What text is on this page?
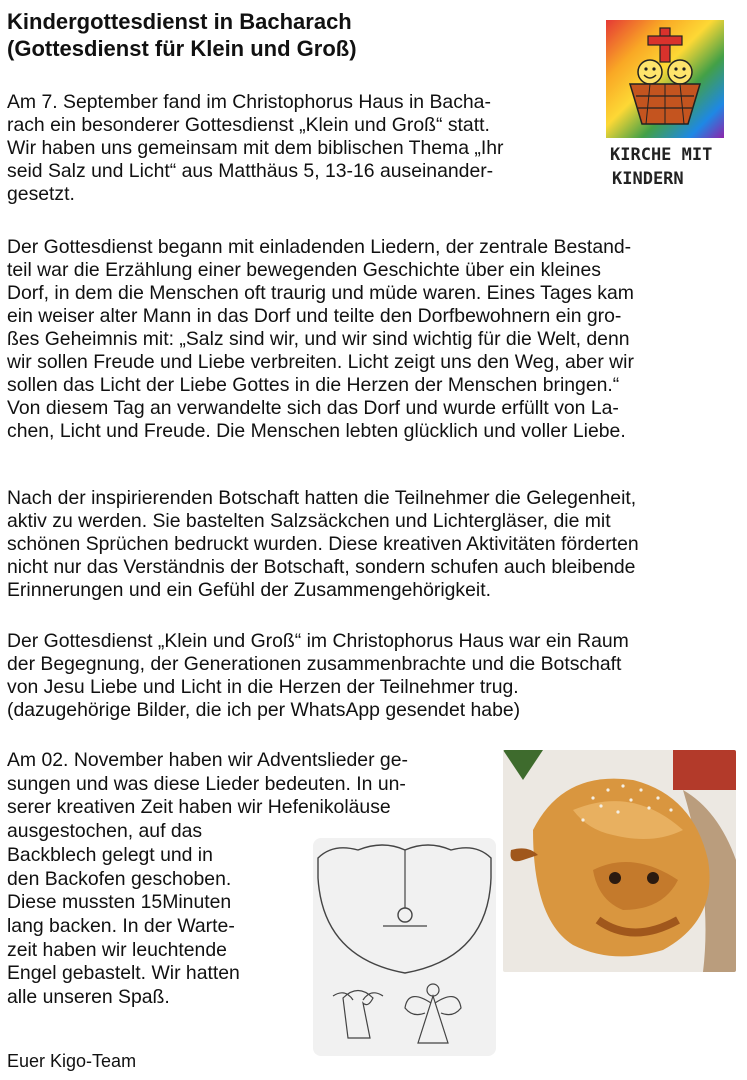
Kindergottesdienst in Bacharach
(Gottesdienst für Klein und Groß)
KIRCHE MIT
KINDERN

Am 7. September fand im Christophorus Haus in Bacha-
rach ein besonderer Gottesdienst „Klein und Groß“ statt.
Wir haben uns gemeinsam mit dem biblischen Thema „Ihr
seid Salz und Licht“ aus Matthäus 5, 13-16 auseinander-
gesetzt.

Der Gottesdienst begann mit einladenden Liedern, der zentrale Bestand-
teil war die Erzählung einer bewegenden Geschichte über ein kleines
Dorf, in dem die Menschen oft traurig und müde waren. Eines Tages kam
ein weiser alter Mann in das Dorf und teilte den Dorfbewohnern ein gro-
ßes Geheimnis mit: „Salz sind wir, und wir sind wichtig für die Welt, denn
wir sollen Freude und Liebe verbreiten. Licht zeigt uns den Weg, aber wir
sollen das Licht der Liebe Gottes in die Herzen der Menschen bringen.“
Von diesem Tag an verwandelte sich das Dorf und wurde erfüllt von La-
chen, Licht und Freude. Die Menschen lebten glücklich und voller Liebe.

Nach der inspirierenden Botschaft hatten die Teilnehmer die Gelegenheit,
aktiv zu werden. Sie bastelten Salzsäckchen und Lichtergläser, die mit
schönen Sprüchen bedruckt wurden. Diese kreativen Aktivitäten förderten
nicht nur das Verständnis der Botschaft, sondern schufen auch bleibende
Erinnerungen und ein Gefühl der Zusammengehörigkeit.

Der Gottesdienst „Klein und Groß“ im Christophorus Haus war ein Raum
der Begegnung, der Generationen zusammenbrachte und die Botschaft
von Jesu Liebe und Licht in die Herzen der Teilnehmer trug.
(dazugehörige Bilder, die ich per WhatsApp gesendet habe)

Am 02. November haben wir Adventslieder ge-
sungen und was diese Lieder bedeuten. In un-
serer kreativen Zeit haben wir Hefenikoläuse
ausgestochen, auf das
Backblech gelegt und in
den Backofen geschoben.
Diese mussten 15Minuten
lang backen. In der Warte-
zeit haben wir leuchtende
Engel gebastelt. Wir hatten
alle unseren Spaß.

Euer Kigo-Team
